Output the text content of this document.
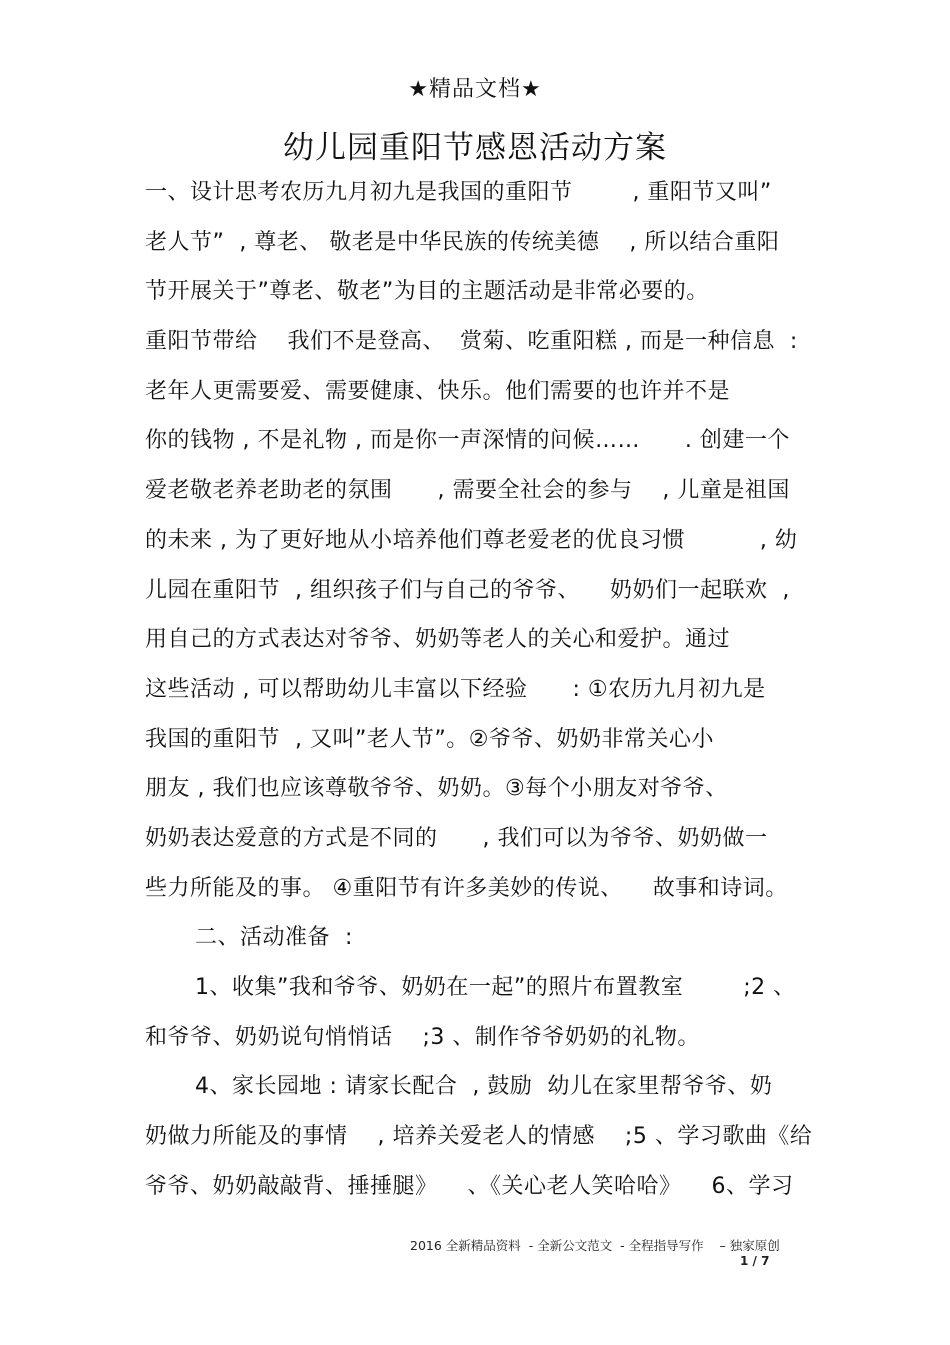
★精品文档★
幼儿园重阳节感恩活动方案
一、设计思考农历九月初九是我国的重阳节        , 重阳节又叫”
老人节”  , 尊老、 敬老是中华民族的传统美德    , 所以结合重阳
节开展关于”尊老、敬老”为目的主题活动是非常必要的。
重阳节带给    我们不是登高、  赏菊、吃重阳糕 , 而是一种信息  :
老年人更需要爱、需要健康、快乐。他们需要的也许并不是
你的钱物 , 不是礼物 , 而是你一声深情的问候……      . 创建一个
爱老敬老养老助老的氛围      , 需要全社会的参与    , 儿童是祖国
的未来 , 为了更好地从小培养他们尊老爱老的优良习惯          , 幼
儿园在重阳节  , 组织孩子们与自己的爷爷、    奶奶们一起联欢  ,
用自己的方式表达对爷爷、奶奶等老人的关心和爱护。通过
这些活动 , 可以帮助幼儿丰富以下经验      : ①农历九月初九是
我国的重阳节  , 又叫”老人节”。②爷爷、奶奶非常关心小
朋友 , 我们也应该尊敬爷爷、奶奶。③每个小朋友对爷爷、
奶奶表达爱意的方式是不同的      , 我们可以为爷爷、奶奶做一
些力所能及的事。 ④重阳节有许多美妙的传说、    故事和诗词。
二、活动准备  :
1、收集”我和爷爷、奶奶在一起”的照片布置教室        ;2 、
和爷爷、奶奶说句悄悄话    ;3 、制作爷爷奶奶的礼物。
4、家长园地 : 请家长配合  , 鼓励  幼儿在家里帮爷爷、奶
奶做力所能及的事情    , 培养关爱老人的情感    ;5 、学习歌曲《给
爷爷、奶奶敲敲背、捶捶腿》    、《关心老人笑哈哈》    6、学习
2016 全新精品资料  - 全新公文范文  - 全程指导写作    – 独家原创
1 / 7
